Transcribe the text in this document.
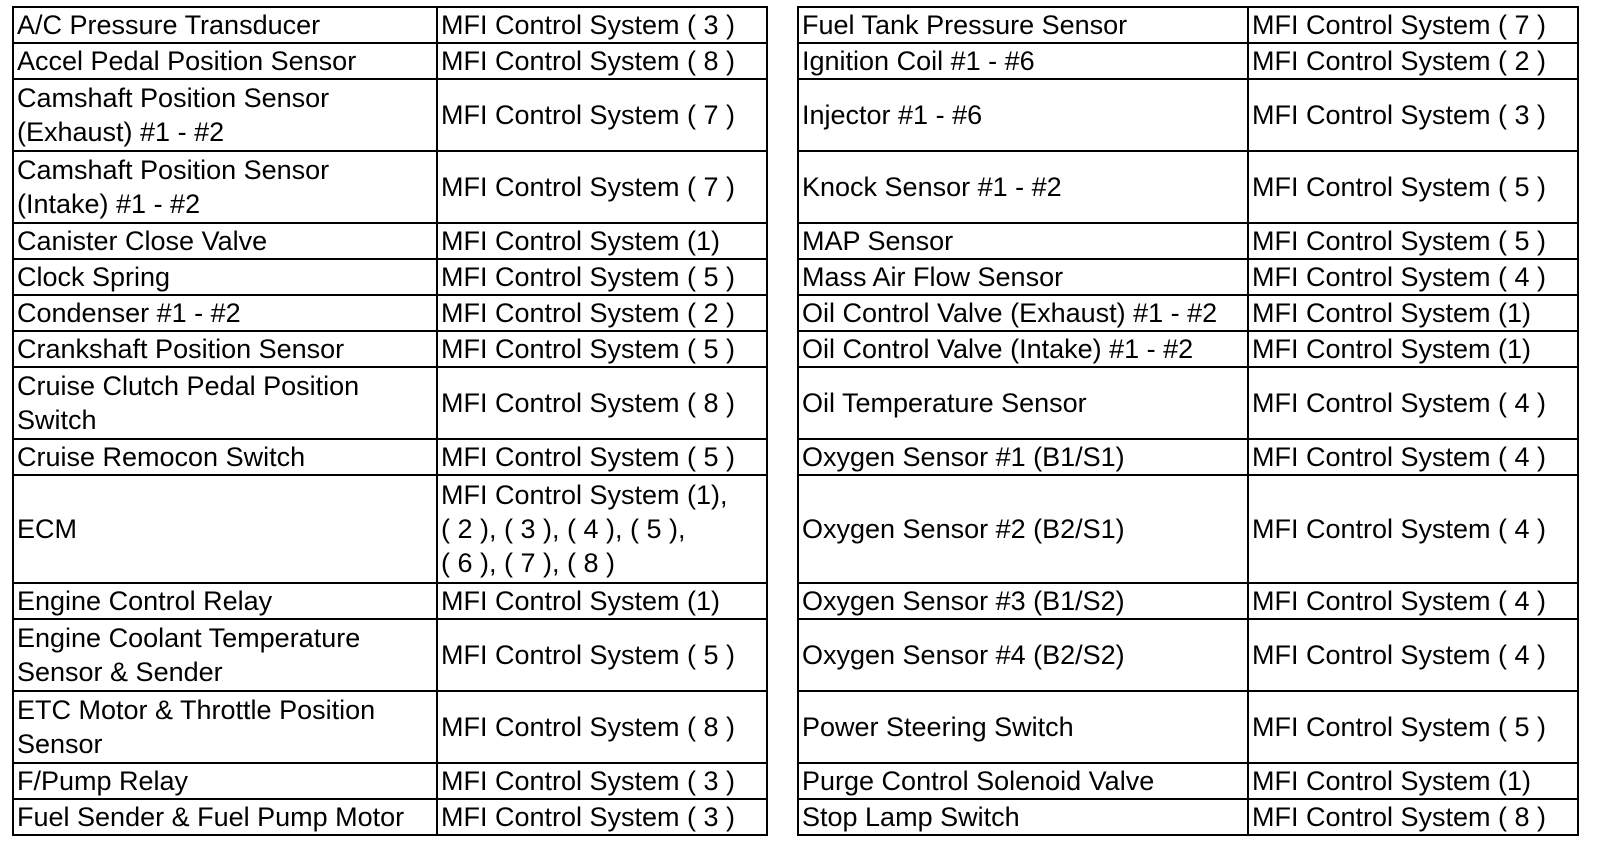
A/C Pressure Transducer	MFI Control System ( 3 )
Accel Pedal Position Sensor	MFI Control System ( 8 )
Camshaft Position Sensor
(Exhaust) #1 - #2	MFI Control System ( 7 )
Camshaft Position Sensor
(Intake) #1 - #2	MFI Control System ( 7 )
Canister Close Valve	MFI Control System (1)
Clock Spring	MFI Control System ( 5 )
Condenser #1 - #2	MFI Control System ( 2 )
Crankshaft Position Sensor	MFI Control System ( 5 )
Cruise Clutch Pedal Position
Switch	MFI Control System ( 8 )
Cruise Remocon Switch	MFI Control System ( 5 )
ECM	MFI Control System (1),
( 2 ), ( 3 ), ( 4 ), ( 5 ),
( 6 ), ( 7 ), ( 8 )
Engine Control Relay	MFI Control System (1)
Engine Coolant Temperature
Sensor & Sender	MFI Control System ( 5 )
ETC Motor & Throttle Position
Sensor	MFI Control System ( 8 )
F/Pump Relay	MFI Control System ( 3 )
Fuel Sender & Fuel Pump Motor	MFI Control System ( 3 )
Fuel Tank Pressure Sensor	MFI Control System ( 7 )
Ignition Coil #1 - #6	MFI Control System ( 2 )
Injector #1 - #6	MFI Control System ( 3 )
Knock Sensor #1 - #2	MFI Control System ( 5 )
MAP Sensor	MFI Control System ( 5 )
Mass Air Flow Sensor	MFI Control System ( 4 )
Oil Control Valve (Exhaust) #1 - #2	MFI Control System (1)
Oil Control Valve (Intake) #1 - #2	MFI Control System (1)
Oil Temperature Sensor	MFI Control System ( 4 )
Oxygen Sensor #1 (B1/S1)	MFI Control System ( 4 )
Oxygen Sensor #2 (B2/S1)	MFI Control System ( 4 )
Oxygen Sensor #3 (B1/S2)	MFI Control System ( 4 )
Oxygen Sensor #4 (B2/S2)	MFI Control System ( 4 )
Power Steering Switch	MFI Control System ( 5 )
Purge Control Solenoid Valve	MFI Control System (1)
Stop Lamp Switch	MFI Control System ( 8 )
